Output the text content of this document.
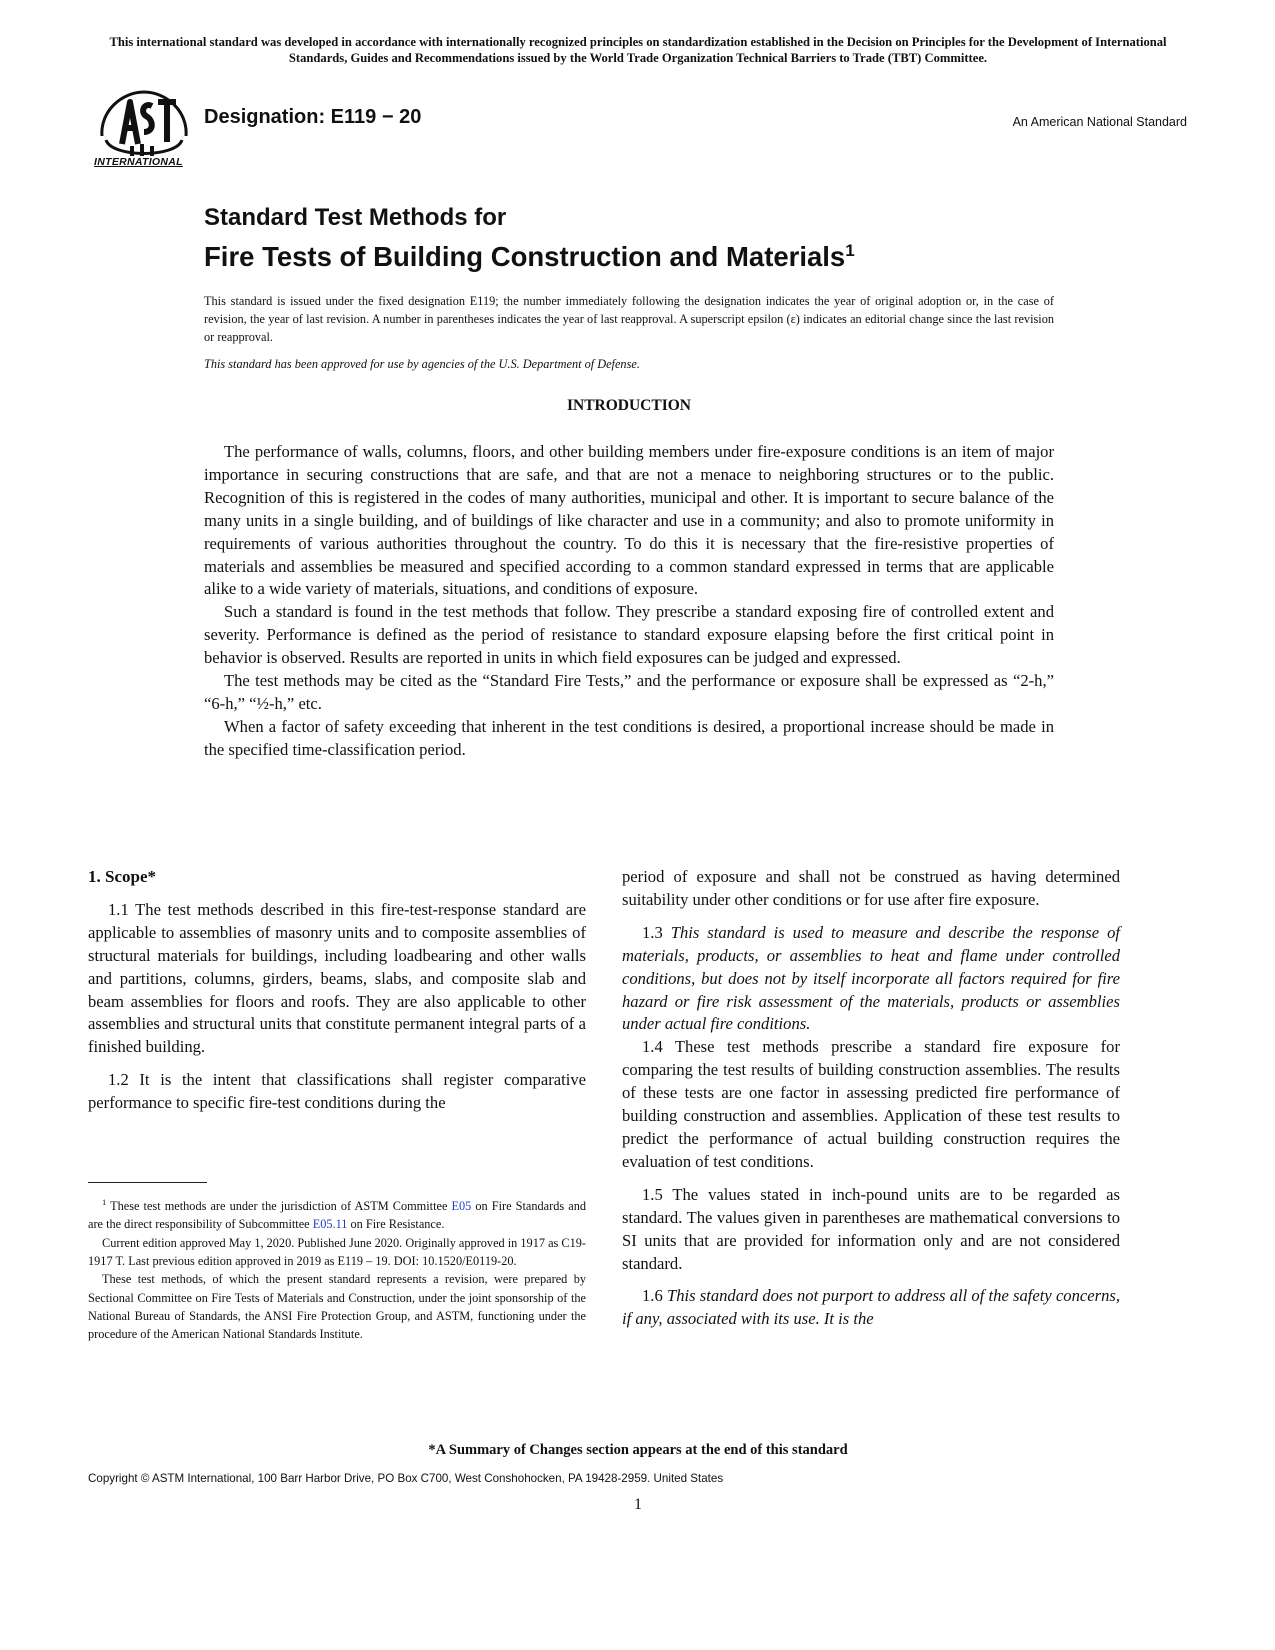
This international standard was developed in accordance with internationally recognized principles on standardization established in the Decision on Principles for the Development of International Standards, Guides and Recommendations issued by the World Trade Organization Technical Barriers to Trade (TBT) Committee.
INTERNATIONAL
Designation: E119 − 20	An American National Standard

Standard Test Methods for

Fire Tests of Building Construction and Materials$^1$

This standard is issued under the fixed designation E119; the number immediately following the designation indicates the year of original adoption or, in the case of revision, the year of last revision. A number in parentheses indicates the year of last reapproval. A superscript epsilon (ε) indicates an editorial change since the last revision or reapproval.

This standard has been approved for use by agencies of the U.S. Department of Defense.

INTRODUCTION

The performance of walls, columns, floors, and other building members under fire-exposure conditions is an item of major importance in securing constructions that are safe, and that are not a menace to neighboring structures or to the public. Recognition of this is registered in the codes of many authorities, municipal and other. It is important to secure balance of the many units in a single building, and of buildings of like character and use in a community; and also to promote uniformity in requirements of various authorities throughout the country. To do this it is necessary that the fire-resistive properties of materials and assemblies be measured and specified according to a common standard expressed in terms that are applicable alike to a wide variety of materials, situations, and conditions of exposure.

Such a standard is found in the test methods that follow. They prescribe a standard exposing fire of controlled extent and severity. Performance is defined as the period of resistance to standard exposure elapsing before the first critical point in behavior is observed. Results are reported in units in which field exposures can be judged and expressed.

The test methods may be cited as the “Standard Fire Tests,” and the performance or exposure shall be expressed as “2-h,” “6-h,” “½-h,” etc.

When a factor of safety exceeding that inherent in the test conditions is desired, a proportional increase should be made in the specified time-classification period.

1. Scope*

1.1 The test methods described in this fire-test-response standard are applicable to assemblies of masonry units and to composite assemblies of structural materials for buildings, including loadbearing and other walls and partitions, columns, girders, beams, slabs, and composite slab and beam assemblies for floors and roofs. They are also applicable to other assemblies and structural units that constitute permanent integral parts of a finished building.

1.2 It is the intent that classifications shall register comparative performance to specific fire-test conditions during the

$^1$ These test methods are under the jurisdiction of ASTM Committee E05 on Fire Standards and are the direct responsibility of Subcommittee E05.11 on Fire Resistance.

Current edition approved May 1, 2020. Published June 2020. Originally approved in 1917 as C19-1917 T. Last previous edition approved in 2019 as E119 – 19. DOI: 10.1520/E0119-20.

These test methods, of which the present standard represents a revision, were prepared by Sectional Committee on Fire Tests of Materials and Construction, under the joint sponsorship of the National Bureau of Standards, the ANSI Fire Protection Group, and ASTM, functioning under the procedure of the American National Standards Institute.

period of exposure and shall not be construed as having determined suitability under other conditions or for use after fire exposure.

1.3 This standard is used to measure and describe the response of materials, products, or assemblies to heat and flame under controlled conditions, but does not by itself incorporate all factors required for fire hazard or fire risk assessment of the materials, products or assemblies under actual fire conditions.

1.4 These test methods prescribe a standard fire exposure for comparing the test results of building construction assemblies. The results of these tests are one factor in assessing predicted fire performance of building construction and assemblies. Application of these test results to predict the performance of actual building construction requires the evaluation of test conditions.

1.5 The values stated in inch-pound units are to be regarded as standard. The values given in parentheses are mathematical conversions to SI units that are provided for information only and are not considered standard.

1.6 This standard does not purport to address all of the safety concerns, if any, associated with its use. It is the

*A Summary of Changes section appears at the end of this standard
Copyright © ASTM International, 100 Barr Harbor Drive, PO Box C700, West Conshohocken, PA 19428-2959. United States
1
